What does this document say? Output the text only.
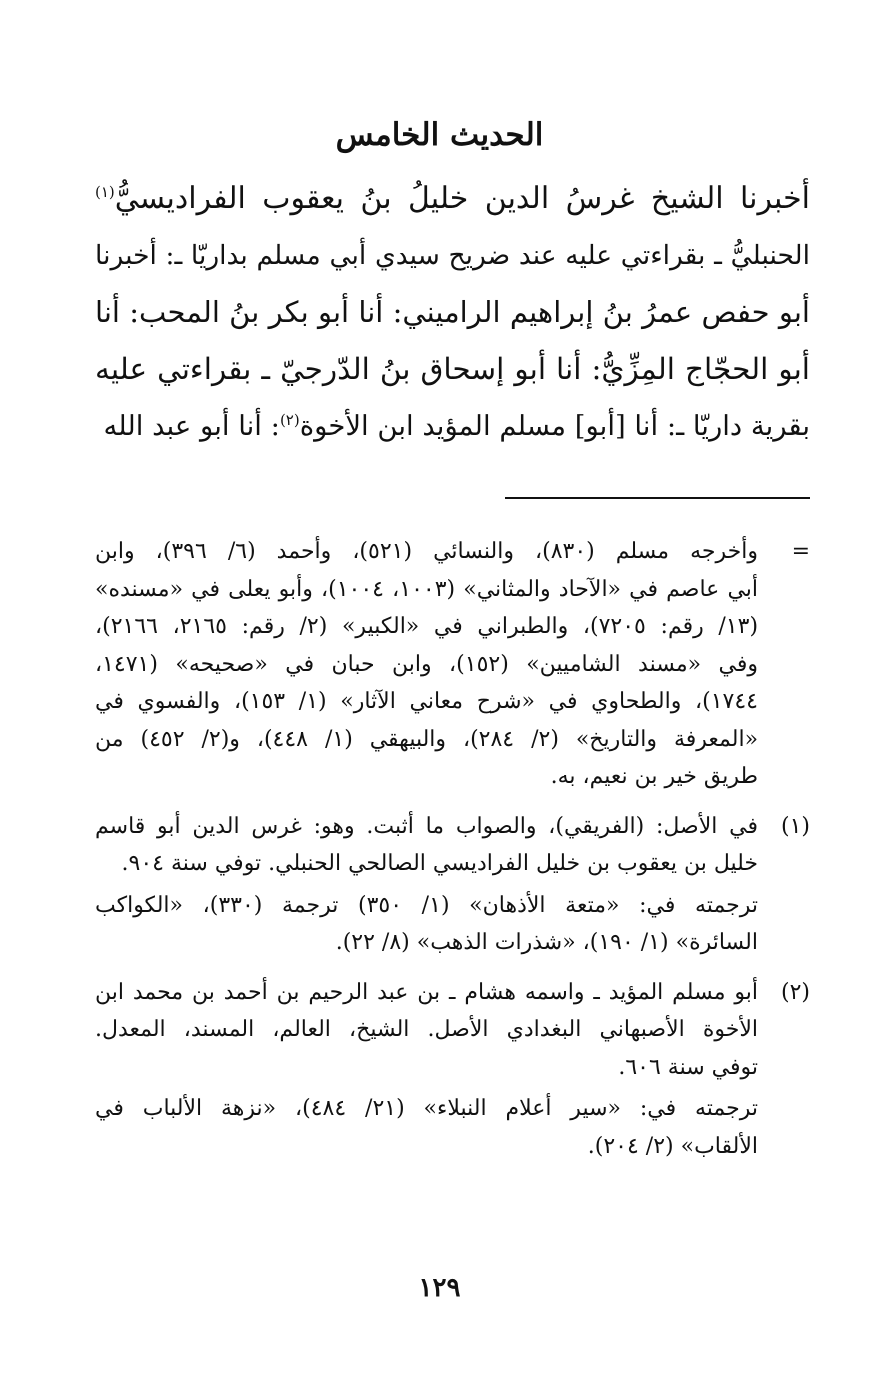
الحديث الخامس
أخبرنا الشيخ غرسُ الدين خليلُ بنُ يعقوب الفراديسيُّ$^{(١)}$
الحنبليُّ ـ بقراءتي عليه عند ضريح سيدي أبي مسلم بداريّا ـ: أخبرنا
أبو حفص عمرُ بنُ إبراهيم الراميني: أنا أبو بكر بنُ المحب: أنا
أبو الحجّاج المِزِّيُّ: أنا أبو إسحاق بنُ الدّرجيّ ـ بقراءتي عليه
بقرية داريّا ـ: أنا [أبو] مسلم المؤيد ابن الأخوة$^{(٢)}$: أنا أبو عبد الله
=
وأخرجه مسلم (٨٣٠)، والنسائي (٥٢١)، وأحمد (٦/ ٣٩٦)، وابن
أبي عاصم في «الآحاد والمثاني» (١٠٠٣، ١٠٠٤)، وأبو يعلى في «مسنده»
(١٣/ رقم: ٧٢٠٥)، والطبراني في «الكبير» (٢/ رقم: ٢١٦٥، ٢١٦٦)،
وفي «مسند الشاميين» (١٥٢)، وابن حبان في «صحيحه» (١٤٧١،
١٧٤٤)، والطحاوي في «شرح معاني الآثار» (١/ ١٥٣)، والفسوي في
«المعرفة والتاريخ» (٢/ ٢٨٤)، والبيهقي (١/ ٤٤٨)، و(٢/ ٤٥٢) من
طريق خير بن نعيم، به.
(١)
في الأصل: (الفريقي)، والصواب ما أثبت. وهو: غرس الدين أبو قاسم
خليل بن يعقوب بن خليل الفراديسي الصالحي الحنبلي. توفي سنة ٩٠٤.
ترجمته في: «متعة الأذهان» (١/ ٣٥٠) ترجمة (٣٣٠)، «الكواكب
السائرة» (١/ ١٩٠)، «شذرات الذهب» (٨/ ٢٢).
(٢)
أبو مسلم المؤيد ـ واسمه هشام ـ بن عبد الرحيم بن أحمد بن محمد ابن
الأخوة الأصبهاني البغدادي الأصل. الشيخ، العالم، المسند، المعدل.
توفي سنة ٦٠٦.
ترجمته في: «سير أعلام النبلاء» (٢١/ ٤٨٤)، «نزهة الألباب في
الألقاب» (٢/ ٢٠٤).

١٢٩
